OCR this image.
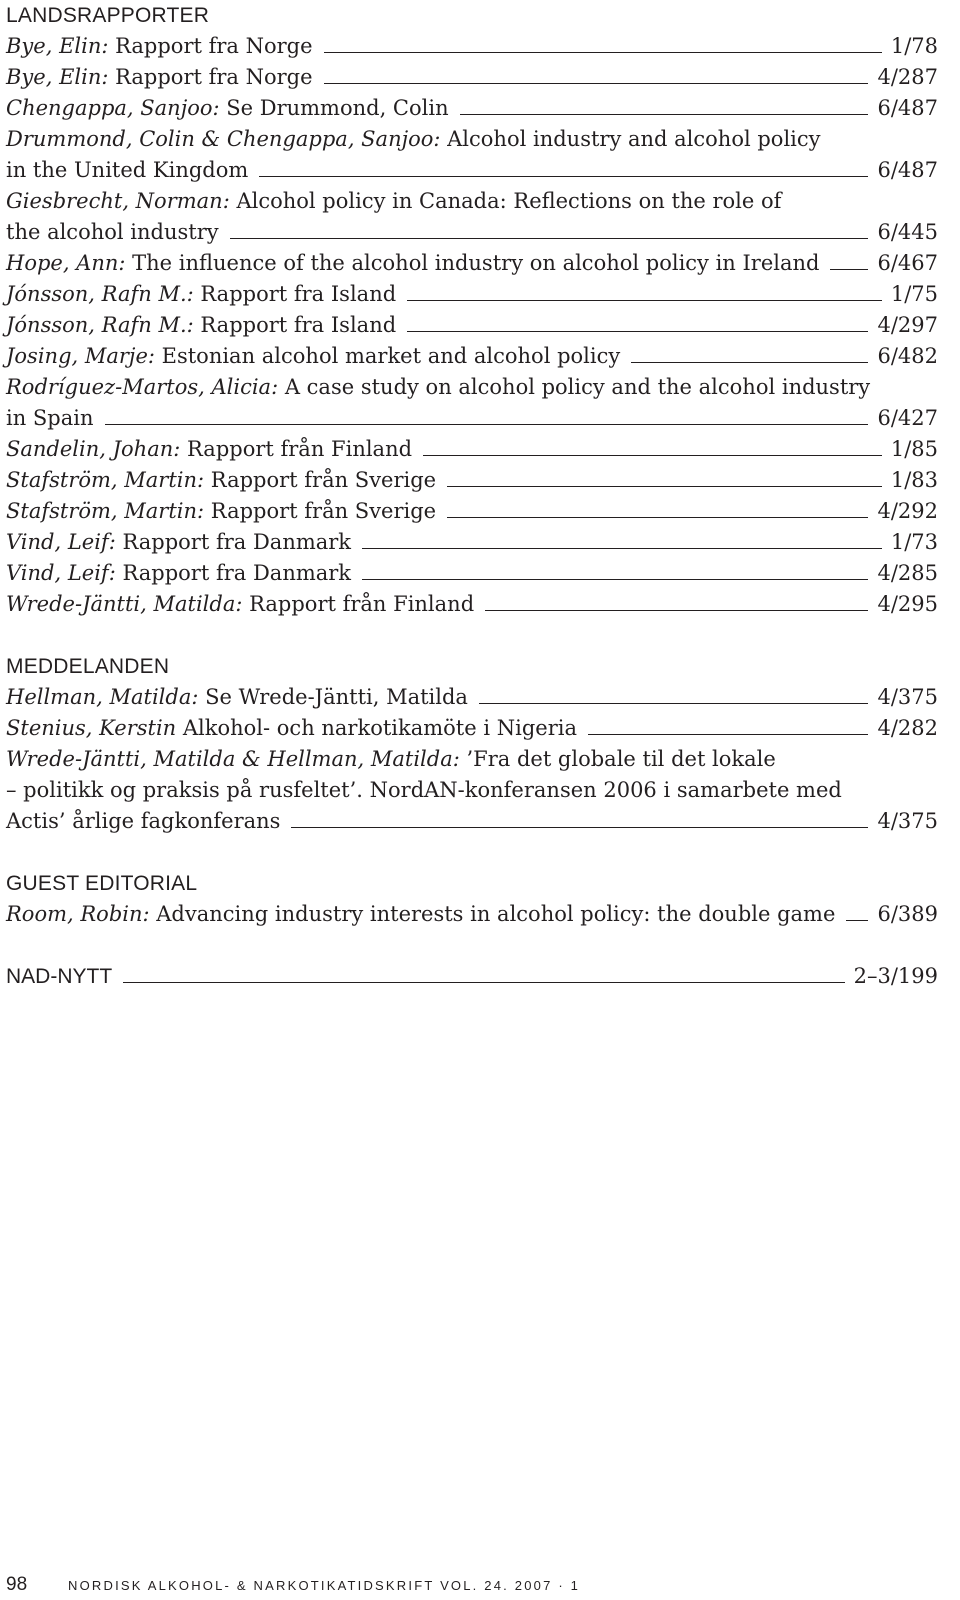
LANDSRAPPORTER
Bye, Elin: Rapport fra Norge	1/78
Bye, Elin: Rapport fra Norge	4/287
Chengappa, Sanjoo: Se Drummond, Colin	6/487
Drummond, Colin & Chengappa, Sanjoo: Alcohol industry and alcohol policy
in the United Kingdom	6/487
Giesbrecht, Norman: Alcohol policy in Canada: Reflections on the role of
the alcohol industry	6/445
Hope, Ann: The influence of the alcohol industry on alcohol policy in Ireland	6/467
Jónsson, Rafn M.: Rapport fra Island	1/75
Jónsson, Rafn M.: Rapport fra Island	4/297
Josing, Marje: Estonian alcohol market and alcohol policy	6/482
Rodríguez-Martos, Alicia: A case study on alcohol policy and the alcohol industry
in Spain	6/427
Sandelin, Johan: Rapport från Finland	1/85
Stafström, Martin: Rapport från Sverige	1/83
Stafström, Martin: Rapport från Sverige	4/292
Vind, Leif: Rapport fra Danmark	1/73
Vind, Leif: Rapport fra Danmark	4/285
Wrede-Jäntti, Matilda: Rapport från Finland	4/295
MEDDELANDEN
Hellman, Matilda: Se Wrede-Jäntti, Matilda	4/375
Stenius, Kerstin Alkohol- och narkotikamöte i Nigeria	4/282
Wrede-Jäntti, Matilda & Hellman, Matilda: ’Fra det globale til det lokale
– politikk og praksis på rusfeltet’. NordAN-konferansen 2006 i samarbete med
Actis’ årlige fagkonferans	4/375
GUEST EDITORIAL
Room, Robin: Advancing industry interests in alcohol policy: the double game 6/389
NAD-NYTT	2–3/199
98	NORDISK ALKOHOL- & NARKOTIKATIDSKRIFT VOL. 24. 2007 · 1
